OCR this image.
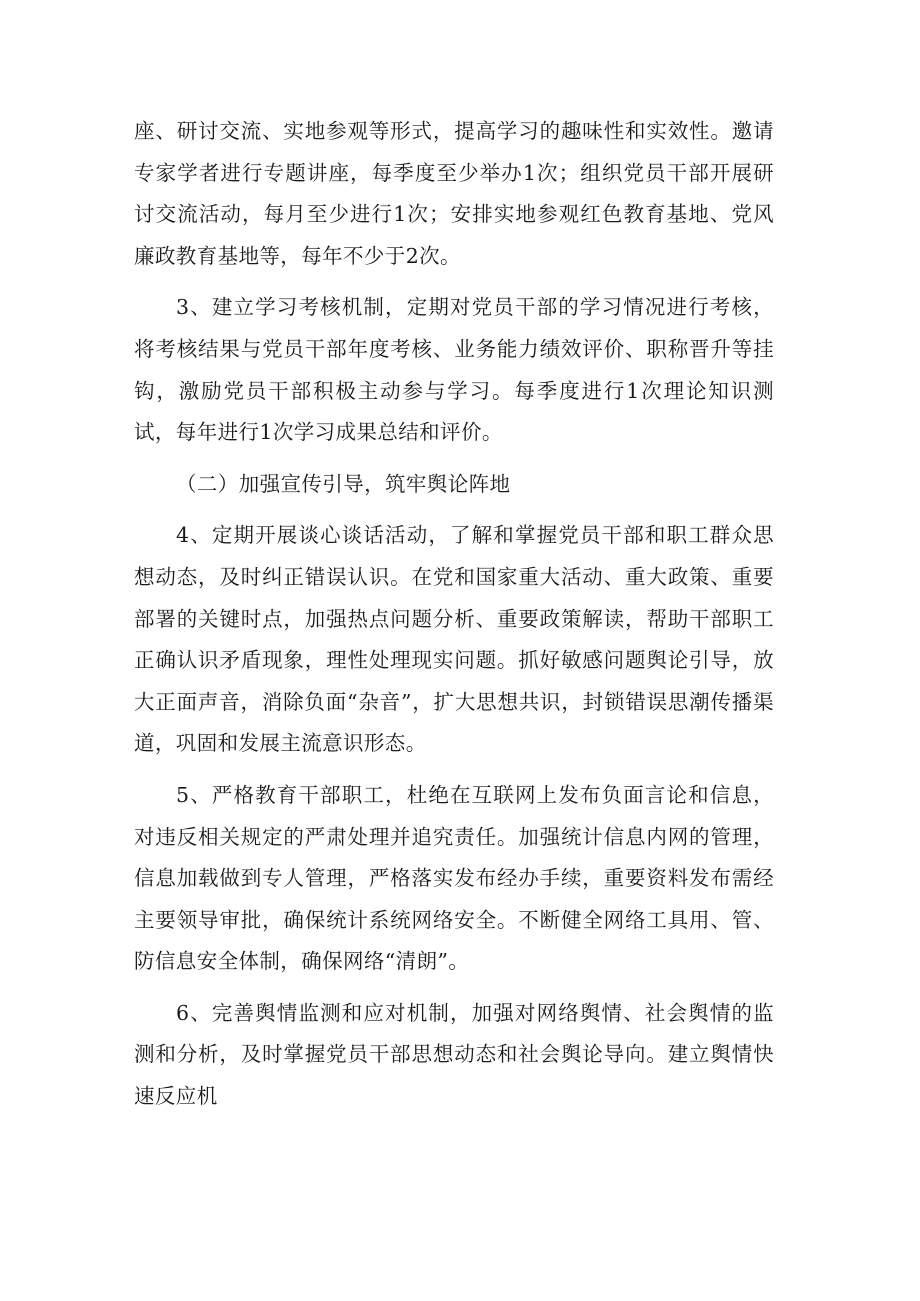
座、研讨交流、实地参观等形式，提高学习的趣味性和实效性。邀请专家学者进行专题讲座，每季度至少举办1次；组织党员干部开展研讨交流活动，每月至少进行1次；安排实地参观红色教育基地、党风廉政教育基地等，每年不少于2次。

3、建立学习考核机制，定期对党员干部的学习情况进行考核，将考核结果与党员干部年度考核、业务能力绩效评价、职称晋升等挂钩，激励党员干部积极主动参与学习。每季度进行1次理论知识测试，每年进行1次学习成果总结和评价。

（二）加强宣传引导，筑牢舆论阵地

4、定期开展谈心谈话活动，了解和掌握党员干部和职工群众思想动态，及时纠正错误认识。在党和国家重大活动、重大政策、重要部署的关键时点，加强热点问题分析、重要政策解读，帮助干部职工正确认识矛盾现象，理性处理现实问题。抓好敏感问题舆论引导，放大正面声音，消除负面“杂音”，扩大思想共识，封锁错误思潮传播渠道，巩固和发展主流意识形态。

5、严格教育干部职工，杜绝在互联网上发布负面言论和信息，对违反相关规定的严肃处理并追究责任。加强统计信息内网的管理，信息加载做到专人管理，严格落实发布经办手续，重要资料发布需经主要领导审批，确保统计系统网络安全。不断健全网络工具用、管、防信息安全体制，确保网络“清朗”。

6、完善舆情监测和应对机制，加强对网络舆情、社会舆情的监测和分析，及时掌握党员干部思想动态和社会舆论导向。建立舆情快速反应机
